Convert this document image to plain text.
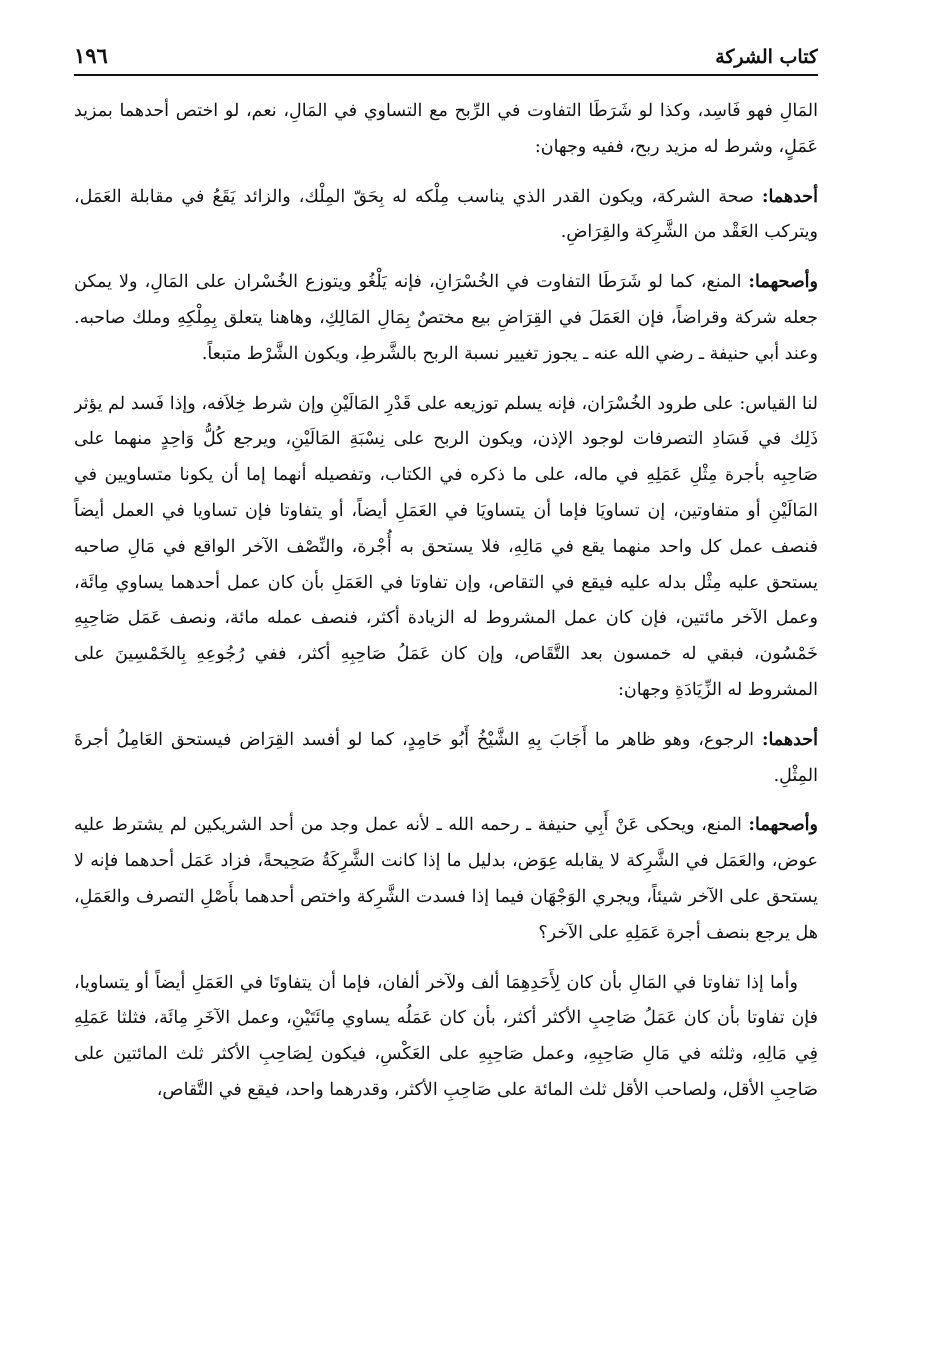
كتاب الشركة
١٩٦

المَالِ فهو فَاسِد، وكذا لو شَرَطَا التفاوت في الرِّبح مع التساوي في المَالِ، نعم، لو اختص أحدهما بمزيد عَمَلٍ، وشرط له مزيد ربح، ففيه وجهان:

أحدهما: صحة الشركة، ويكون القدر الذي يناسب مِلْكه له بِحَقّ المِلْك، والزائد يَقَعُ في مقابلة العَمَل، ويتركب العَقْد من الشَّرِكة والقِرَاضِ.

وأصحهما: المنع، كما لو شَرَطَا التفاوت في الخُسْرَانِ، فإنه يَلْغُو ويتوزع الخُسْران على المَالِ، ولا يمكن جعله شركة وقراضاً، فإن العَمَلَ في القِرَاضِ بيع مختصٌ بِمَالِ المَالِكِ، وهاهنا يتعلق بِمِلْكِهِ وملك صاحبه. وعند أبي حنيفة ـ رضي الله عنه ـ يجوز تغيير نسبة الربح بالشَّرطِ، ويكون الشَّرْط متبعاً.

لنا القياس: على طرود الخُسْرَان، فإنه يسلم توزيعه على قَدْرِ المَالَيْنِ وإن شرط خِلاَفه، وإذا فَسد لم يؤثر ذَلِك في فَسَادِ التصرفات لوجود الإذن، ويكون الربح على نِسْبَةِ المَالَيْنِ، ويرجع كُلُّ وَاحِدٍ منهما على صَاحِبِه بأجرة مِثْلِ عَمَلِهِ في ماله، على ما ذكره في الكتاب، وتفصيله أنهما إما أن يكونا متساويين في المَالَيْنِ أو متفاوتين، إن تساويَا فإما أن يتساويَا في العَمَلِ أيضاً، أو يتفاوتا فإن تساويا في العمل أيضاً فنصف عمل كل واحد منهما يقع في مَالِهِ، فلا يستحق به أُجْرة، والنِّصْف الآخر الواقع في مَالِ صاحبه يستحق عليه مِثْل بدله عليه فيقع في التقاص، وإن تفاوتا في العَمَلِ بأن كان عمل أحدهما يساوي مِائَة، وعمل الآخر مائتين، فإن كان عمل المشروط له الزيادة أكثر، فنصف عمله مائة، ونصف عَمَل صَاحِبِهِ خَمْسُون، فبقي له خمسون بعد التَّقَاص، وإن كان عَمَلُ صَاحِبِهِ أكثر، ففي رُجُوعِهِ بِالخَمْسِينَ على المشروط له الزِّيَادَةِ وجهان:

أحدهما: الرجوع، وهو ظاهر ما أَجَابَ بِهِ الشَّيْخُ أَبُو حَامِدٍ، كما لو أفسد القِرَاض فيستحق العَامِلُ أجرةَ المِثْلِ.

وأصحهما: المنع، ويحكى عَنْ أَبِي حنيفة ـ رحمه الله ـ لأنه عمل وجد من أحد الشريكين لم يشترط عليه عوض، والعَمَل في الشَّرِكة لا يقابله عِوَض، بدليل ما إذا كانت الشَّرِكَةُ صَحِيحةً، فزاد عَمَل أحدهما فإنه لا يستحق على الآخر شيئاً، ويجري الوَجْهَان فيما إذا فسدت الشَّرِكة واختص أحدهما بأَصْلِ التصرف والعَمَلِ، هل يرجع بنصف أجرة عَمَلِهِ على الآخر؟

وأما إذا تفاوتا في المَالِ بأن كان لِأَحَدِهِمَا ألف ولآخر ألفان، فإما أن يتفاوتَا في العَمَلِ أيضاً أو يتساويا، فإن تفاوتا بأن كان عَمَلُ صَاحِبِ الأكثر أكثر، بأن كان عَمَلُه يساوي مِائَتَيْنِ، وعمل الآخَرِ مِائَة، فثلثا عَمَلِهِ فِي مَالِهِ، وثلثه في مَالِ صَاحِبِهِ، وعمل صَاحِبِهِ على العَكْسِ، فيكون لِصَاحِبِ الأكثر ثلث المائتين على صَاحِبِ الأقل، ولصاحب الأقل ثلث المائة على صَاحِبِ الأكثر، وقدرهما واحد، فيقع في التَّقاص،
